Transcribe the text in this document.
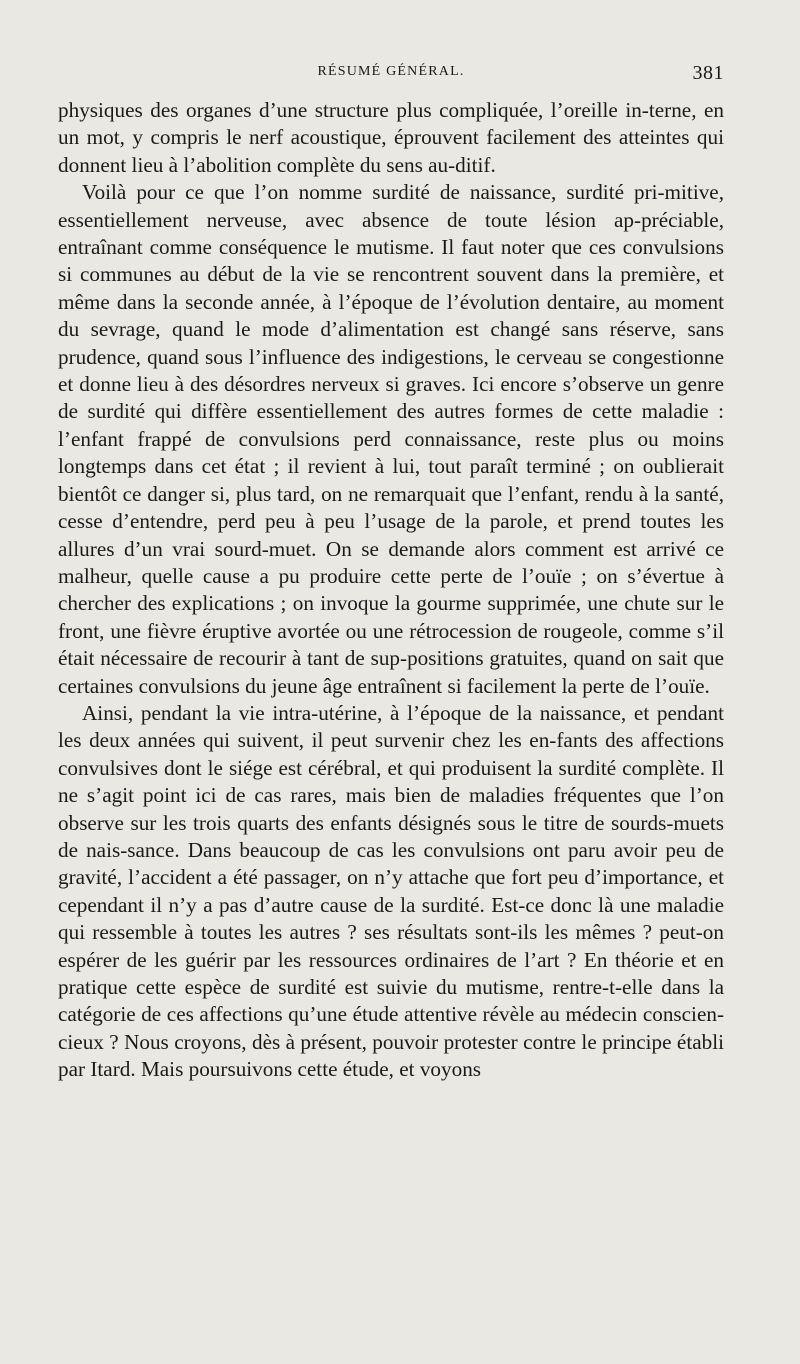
RÉSUMÉ GÉNÉRAL.	381

physiques des organes d’une structure plus compliquée, l’oreille in-terne, en un mot, y compris le nerf acoustique, éprouvent facilement des atteintes qui donnent lieu à l’abolition complète du sens au-ditif.

Voilà pour ce que l’on nomme surdité de naissance, surdité pri-mitive, essentiellement nerveuse, avec absence de toute lésion ap-préciable, entraînant comme conséquence le mutisme. Il faut noter que ces convulsions si communes au début de la vie se rencontrent souvent dans la première, et même dans la seconde année, à l’époque de l’évolution dentaire, au moment du sevrage, quand le mode d’alimentation est changé sans réserve, sans prudence, quand sous l’influence des indigestions, le cerveau se congestionne et donne lieu à des désordres nerveux si graves. Ici encore s’observe un genre de surdité qui diffère essentiellement des autres formes de cette maladie : l’enfant frappé de convulsions perd connaissance, reste plus ou moins longtemps dans cet état ; il revient à lui, tout paraît terminé ; on oublierait bientôt ce danger si, plus tard, on ne remarquait que l’enfant, rendu à la santé, cesse d’entendre, perd peu à peu l’usage de la parole, et prend toutes les allures d’un vrai sourd-muet. On se demande alors comment est arrivé ce malheur, quelle cause a pu produire cette perte de l’ouïe ; on s’évertue à chercher des explications ; on invoque la gourme supprimée, une chute sur le front, une fièvre éruptive avortée ou une rétrocession de rougeole, comme s’il était nécessaire de recourir à tant de sup-positions gratuites, quand on sait que certaines convulsions du jeune âge entraînent si facilement la perte de l’ouïe.

Ainsi, pendant la vie intra-utérine, à l’époque de la naissance, et pendant les deux années qui suivent, il peut survenir chez les en-fants des affections convulsives dont le siége est cérébral, et qui produisent la surdité complète. Il ne s’agit point ici de cas rares, mais bien de maladies fréquentes que l’on observe sur les trois quarts des enfants désignés sous le titre de sourds-muets de nais-sance. Dans beaucoup de cas les convulsions ont paru avoir peu de gravité, l’accident a été passager, on n’y attache que fort peu d’importance, et cependant il n’y a pas d’autre cause de la surdité. Est-ce donc là une maladie qui ressemble à toutes les autres ? ses résultats sont-ils les mêmes ? peut-on espérer de les guérir par les ressources ordinaires de l’art ? En théorie et en pratique cette espèce de surdité est suivie du mutisme, rentre-t-elle dans la catégorie de ces affections qu’une étude attentive révèle au médecin conscien-cieux ? Nous croyons, dès à présent, pouvoir protester contre le principe établi par Itard. Mais poursuivons cette étude, et voyons
